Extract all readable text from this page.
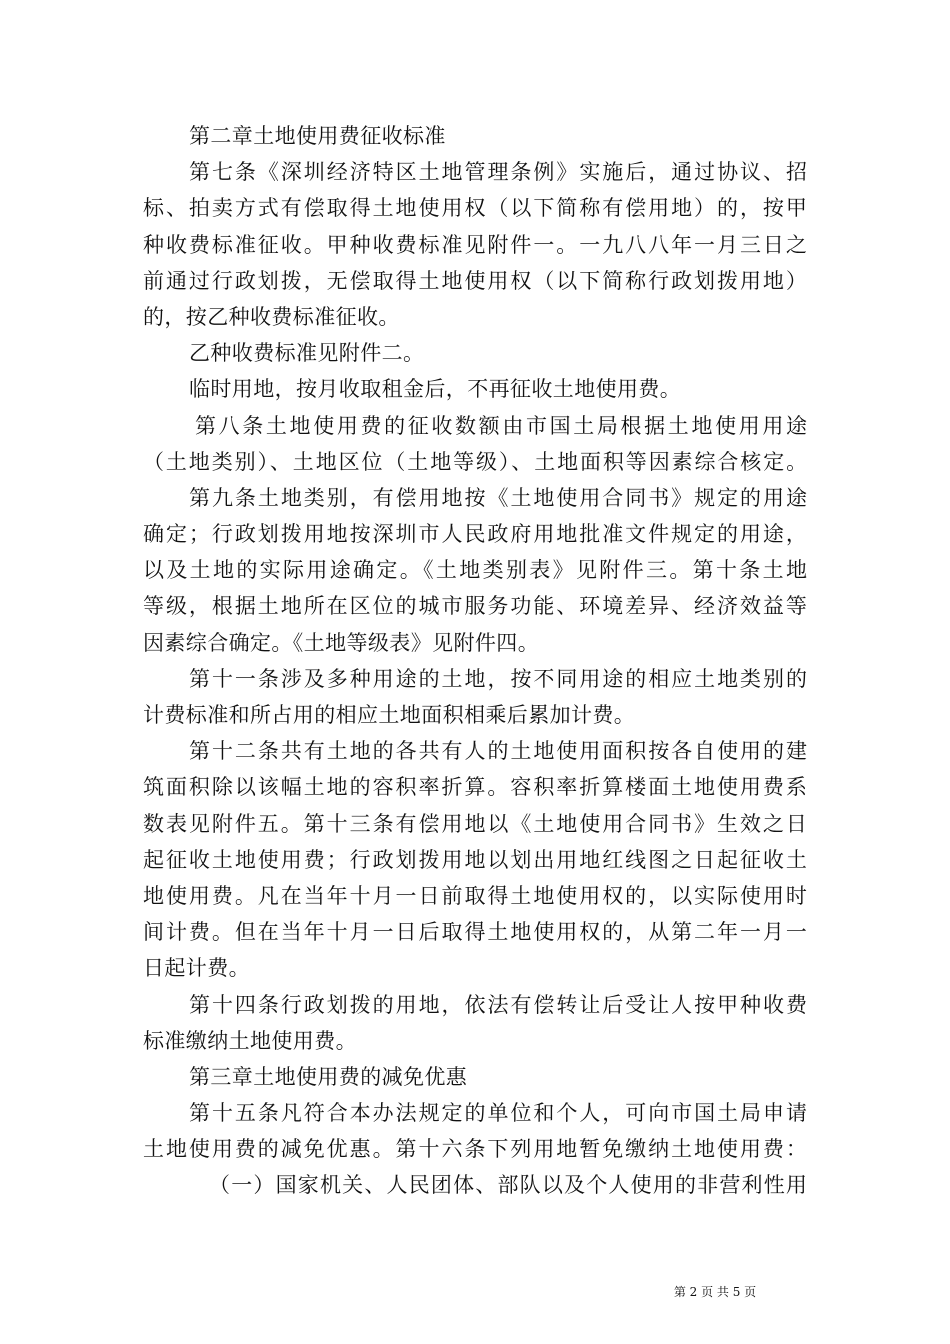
第二章土地使用费征收标准
第七条《深圳经济特区土地管理条例》实施后，通过协议、招
标、拍卖方式有偿取得土地使用权（以下简称有偿用地）的，按甲
种收费标准征收。甲种收费标准见附件一。一九八八年一月三日之
前通过行政划拨，无偿取得土地使用权（以下简称行政划拨用地）
的，按乙种收费标准征收。
乙种收费标准见附件二。
临时用地，按月收取租金后，不再征收土地使用费。
第八条土地使用费的征收数额由市国土局根据土地使用用途
（土地类别）、土地区位（土地等级）、土地面积等因素综合核定。
第九条土地类别，有偿用地按《土地使用合同书》规定的用途
确定；行政划拨用地按深圳市人民政府用地批准文件规定的用途，
以及土地的实际用途确定。《土地类别表》见附件三。第十条土地
等级，根据土地所在区位的城市服务功能、环境差异、经济效益等
因素综合确定。《土地等级表》见附件四。
第十一条涉及多种用途的土地，按不同用途的相应土地类别的
计费标准和所占用的相应土地面积相乘后累加计费。
第十二条共有土地的各共有人的土地使用面积按各自使用的建
筑面积除以该幅土地的容积率折算。容积率折算楼面土地使用费系
数表见附件五。第十三条有偿用地以《土地使用合同书》生效之日
起征收土地使用费；行政划拨用地以划出用地红线图之日起征收土
地使用费。凡在当年十月一日前取得土地使用权的，以实际使用时
间计费。但在当年十月一日后取得土地使用权的，从第二年一月一
日起计费。
第十四条行政划拨的用地，依法有偿转让后受让人按甲种收费
标准缴纳土地使用费。
第三章土地使用费的减免优惠
第十五条凡符合本办法规定的单位和个人，可向市国土局申请
土地使用费的减免优惠。第十六条下列用地暂免缴纳土地使用费：
（一）国家机关、人民团体、部队以及个人使用的非营利性用
第 2 页 共 5 页
